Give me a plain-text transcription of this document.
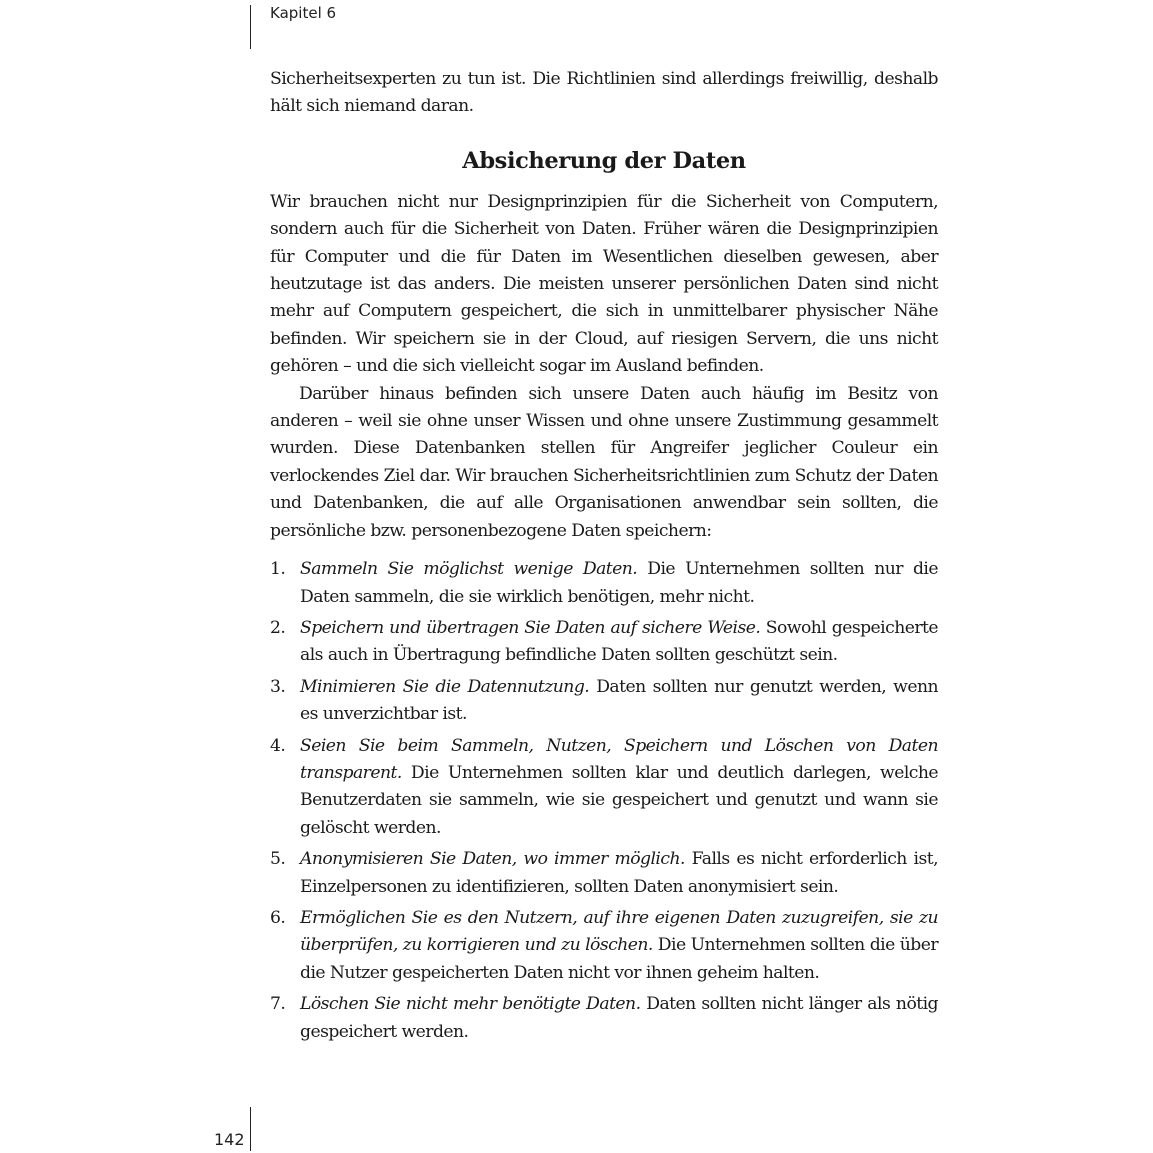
Kapitel 6

Sicherheitsexperten zu tun ist. Die Richtlinien sind allerdings freiwillig, deshalb hält sich niemand daran.

Absicherung der Daten

Wir brauchen nicht nur Designprinzipien für die Sicherheit von Computern, sondern auch für die Sicherheit von Daten. Früher wären die Designprinzipien für Computer und die für Daten im Wesentlichen dieselben gewesen, aber heutzutage ist das anders. Die meisten unserer persönlichen Daten sind nicht mehr auf Computern gespeichert, die sich in unmittelbarer physischer Nähe befinden. Wir speichern sie in der Cloud, auf riesigen Servern, die uns nicht gehören – und die sich vielleicht sogar im Ausland befinden.

Darüber hinaus befinden sich unsere Daten auch häufig im Besitz von anderen – weil sie ohne unser Wissen und ohne unsere Zustimmung gesammelt wurden. Diese Datenbanken stellen für Angreifer jeglicher Couleur ein verlockendes Ziel dar. Wir brauchen Sicherheitsrichtlinien zum Schutz der Daten und Datenbanken, die auf alle Organisationen anwendbar sein sollten, die persönliche bzw. personenbezogene Daten speichern:

1. Sammeln Sie möglichst wenige Daten. Die Unternehmen sollten nur die Daten sammeln, die sie wirklich benötigen, mehr nicht.
2. Speichern und übertragen Sie Daten auf sichere Weise. Sowohl gespeicherte als auch in Übertragung befindliche Daten sollten geschützt sein.
3. Minimieren Sie die Datennutzung. Daten sollten nur genutzt werden, wenn es unverzichtbar ist.
4. Seien Sie beim Sammeln, Nutzen, Speichern und Löschen von Daten transparent. Die Unternehmen sollten klar und deutlich darlegen, welche Benutzerdaten sie sammeln, wie sie gespeichert und genutzt und wann sie gelöscht werden.
5. Anonymisieren Sie Daten, wo immer möglich. Falls es nicht erforderlich ist, Einzelpersonen zu identifizieren, sollten Daten anonymisiert sein.
6. Ermöglichen Sie es den Nutzern, auf ihre eigenen Daten zuzugreifen, sie zu überprüfen, zu korrigieren und zu löschen. Die Unternehmen sollten die über die Nutzer gespeicherten Daten nicht vor ihnen geheim halten.
7. Löschen Sie nicht mehr benötigte Daten. Daten sollten nicht länger als nötig gespeichert werden.
142
